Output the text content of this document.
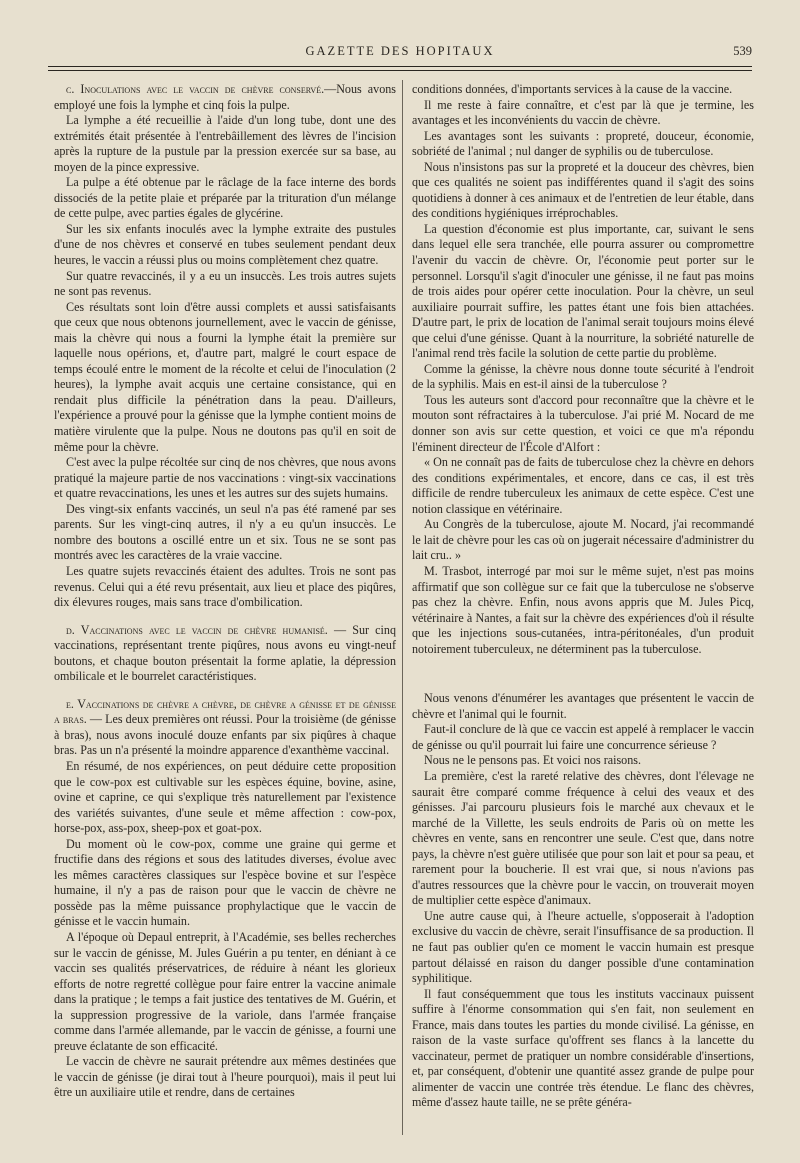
GAZETTE DES HOPITAUX	539

c. Inoculations avec le vaccin de chèvre conservé.—Nous avons employé une fois la lymphe et cinq fois la pulpe.

La lymphe a été recueillie à l'aide d'un long tube, dont une des extrémités était présentée à l'entrebâillement des lèvres de l'incision après la rupture de la pustule par la pression exercée sur sa base, au moyen de la pince expressive.

La pulpe a été obtenue par le râclage de la face interne des bords dissociés de la petite plaie et préparée par la trituration d'un mélange de cette pulpe, avec parties égales de glycérine.

Sur les six enfants inoculés avec la lymphe extraite des pustules d'une de nos chèvres et conservé en tubes seulement pendant deux heures, le vaccin a réussi plus ou moins complètement chez quatre.

Sur quatre revaccinés, il y a eu un insuccès. Les trois autres sujets ne sont pas revenus.

Ces résultats sont loin d'être aussi complets et aussi satisfaisants que ceux que nous obtenons journellement, avec le vaccin de génisse, mais la chèvre qui nous a fourni la lymphe était la première sur laquelle nous opérions, et, d'autre part, malgré le court espace de temps écoulé entre le moment de la récolte et celui de l'inoculation (2 heures), la lymphe avait acquis une certaine consistance, qui en rendait plus difficile la pénétration dans la peau. D'ailleurs, l'expérience a prouvé pour la génisse que la lymphe contient moins de matière virulente que la pulpe. Nous ne doutons pas qu'il en soit de même pour la chèvre.

C'est avec la pulpe récoltée sur cinq de nos chèvres, que nous avons pratiqué la majeure partie de nos vaccinations : vingt-six vaccinations et quatre revaccinations, les unes et les autres sur des sujets humains.

Des vingt-six enfants vaccinés, un seul n'a pas été ramené par ses parents. Sur les vingt-cinq autres, il n'y a eu qu'un insuccès. Le nombre des boutons a oscillé entre un et six. Tous ne se sont pas montrés avec les caractères de la vraie vaccine.

Les quatre sujets revaccinés étaient des adultes. Trois ne sont pas revenus. Celui qui a été revu présentait, aux lieu et place des piqûres, dix élevures rouges, mais sans trace d'ombilication.

d. Vaccinations avec le vaccin de chèvre humanisé. — Sur cinq vaccinations, représentant trente piqûres, nous avons eu vingt-neuf boutons, et chaque bouton présentait la forme aplatie, la dépression ombilicale et le bourrelet caractéristiques.

e. Vaccinations de chèvre a chèvre, de chèvre a génisse et de génisse a bras. — Les deux premières ont réussi. Pour la troisième (de génisse à bras), nous avons inoculé douze enfants par six piqûres à chaque bras. Pas un n'a présenté la moindre apparence d'exanthème vaccinal.

En résumé, de nos expériences, on peut déduire cette proposition que le cow-pox est cultivable sur les espèces équine, bovine, asine, ovine et caprine, ce qui s'explique très naturellement par l'existence des variétés suivantes, d'une seule et même affection : cow-pox, horse-pox, ass-pox, sheep-pox et goat-pox.

Du moment où le cow-pox, comme une graine qui germe et fructifie dans des régions et sous des latitudes diverses, évolue avec les mêmes caractères classiques sur l'espèce bovine et sur l'espèce humaine, il n'y a pas de raison pour que le vaccin de chèvre ne possède pas la même puissance prophylactique que le vaccin de génisse et le vaccin humain.

A l'époque où Depaul entreprit, à l'Académie, ses belles recherches sur le vaccin de génisse, M. Jules Guérin a pu tenter, en déniant à ce vaccin ses qualités préservatrices, de réduire à néant les glorieux efforts de notre regretté collègue pour faire entrer la vaccine animale dans la pratique ; le temps a fait justice des tentatives de M. Guérin, et la suppression progressive de la variole, dans l'armée française comme dans l'armée allemande, par le vaccin de génisse, a fourni une preuve éclatante de son efficacité.

Le vaccin de chèvre ne saurait prétendre aux mêmes destinées que le vaccin de génisse (je dirai tout à l'heure pourquoi), mais il peut lui être un auxiliaire utile et rendre, dans de certaines

conditions données, d'importants services à la cause de la vaccine.

Il me reste à faire connaître, et c'est par là que je termine, les avantages et les inconvénients du vaccin de chèvre.

Les avantages sont les suivants : propreté, douceur, économie, sobriété de l'animal ; nul danger de syphilis ou de tuberculose.

Nous n'insistons pas sur la propreté et la douceur des chèvres, bien que ces qualités ne soient pas indifférentes quand il s'agit des soins quotidiens à donner à ces animaux et de l'entretien de leur étable, dans des conditions hygiéniques irréprochables.

La question d'économie est plus importante, car, suivant le sens dans lequel elle sera tranchée, elle pourra assurer ou compromettre l'avenir du vaccin de chèvre. Or, l'économie peut porter sur le personnel. Lorsqu'il s'agit d'inoculer une génisse, il ne faut pas moins de trois aides pour opérer cette inoculation. Pour la chèvre, un seul auxiliaire pourrait suffire, les pattes étant une fois bien attachées. D'autre part, le prix de location de l'animal serait toujours moins élevé que celui d'une génisse. Quant à la nourriture, la sobriété naturelle de l'animal rend très facile la solution de cette partie du problème.

Comme la génisse, la chèvre nous donne toute sécurité à l'endroit de la syphilis. Mais en est-il ainsi de la tuberculose ?

Tous les auteurs sont d'accord pour reconnaître que la chèvre et le mouton sont réfractaires à la tuberculose. J'ai prié M. Nocard de me donner son avis sur cette question, et voici ce que m'a répondu l'éminent directeur de l'École d'Alfort :

« On ne connaît pas de faits de tuberculose chez la chèvre en dehors des conditions expérimentales, et encore, dans ce cas, il est très difficile de rendre tuberculeux les animaux de cette espèce. C'est une notion classique en vétérinaire.

Au Congrès de la tuberculose, ajoute M. Nocard, j'ai recommandé le lait de chèvre pour les cas où on jugerait nécessaire d'administrer du lait cru.. »

M. Trasbot, interrogé par moi sur le même sujet, n'est pas moins affirmatif que son collègue sur ce fait que la tuberculose ne s'observe pas chez la chèvre. Enfin, nous avons appris que M. Jules Picq, vétérinaire à Nantes, a fait sur la chèvre des expériences d'où il résulte que les injections sous-cutanées, intra-péritonéales, d'un produit notoirement tuberculeux, ne déterminent pas la tuberculose.

Nous venons d'énumérer les avantages que présentent le vaccin de chèvre et l'animal qui le fournit.

Faut-il conclure de là que ce vaccin est appelé à remplacer le vaccin de génisse ou qu'il pourrait lui faire une concurrence sérieuse ?

Nous ne le pensons pas. Et voici nos raisons.

La première, c'est la rareté relative des chèvres, dont l'élevage ne saurait être comparé comme fréquence à celui des veaux et des génisses. J'ai parcouru plusieurs fois le marché aux chevaux et le marché de la Villette, les seuls endroits de Paris où on mette les chèvres en vente, sans en rencontrer une seule. C'est que, dans notre pays, la chèvre n'est guère utilisée que pour son lait et pour sa peau, et rarement pour la boucherie. Il est vrai que, si nous n'avions pas d'autres ressources que la chèvre pour le vaccin, on trouverait moyen de multiplier cette espèce d'animaux.

Une autre cause qui, à l'heure actuelle, s'opposerait à l'adoption exclusive du vaccin de chèvre, serait l'insuffisance de sa production. Il ne faut pas oublier qu'en ce moment le vaccin humain est presque partout délaissé en raison du danger possible d'une contamination syphilitique.

Il faut conséquemment que tous les instituts vaccinaux puissent suffire à l'énorme consommation qui s'en fait, non seulement en France, mais dans toutes les parties du monde civilisé. La génisse, en raison de la vaste surface qu'offrent ses flancs à la lancette du vaccinateur, permet de pratiquer un nombre considérable d'insertions, et, par conséquent, d'obtenir une quantité assez grande de pulpe pour alimenter de vaccin une contrée très étendue. Le flanc des chèvres, même d'assez haute taille, ne se prête généra-
